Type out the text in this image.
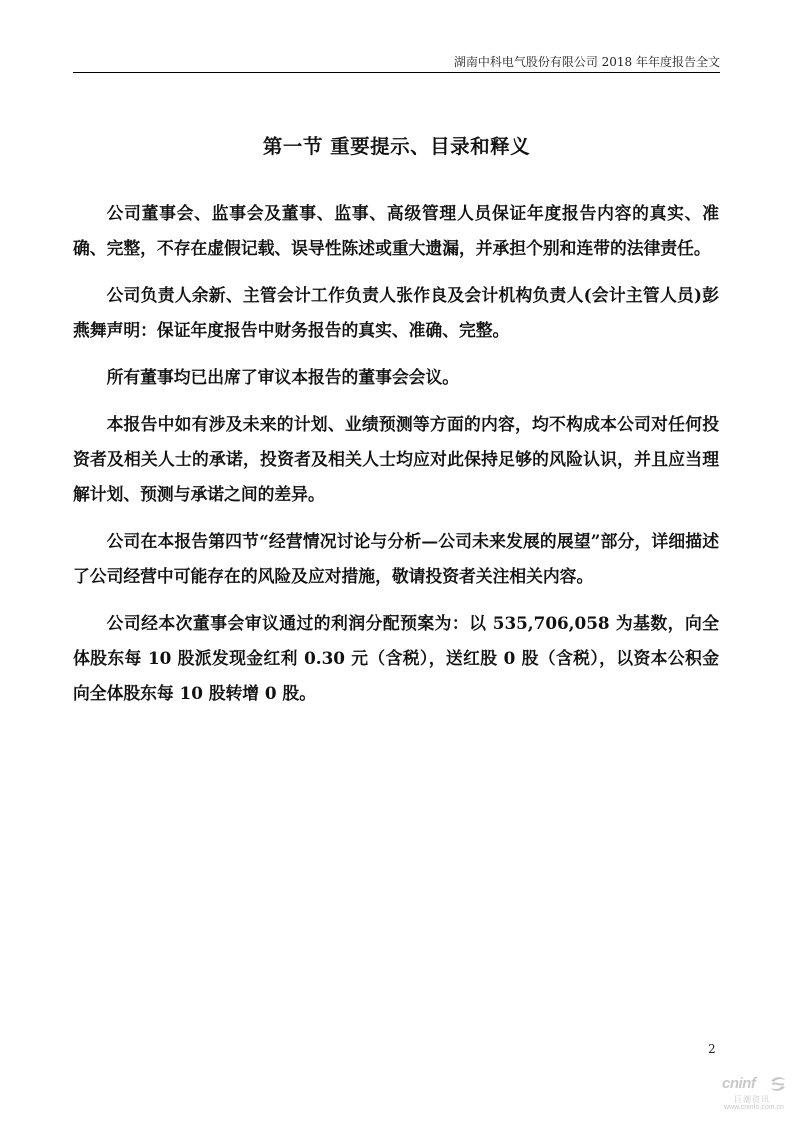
湖南中科电气股份有限公司 2018 年年度报告全文
第一节 重要提示、目录和释义

公司董事会、监事会及董事、监事、高级管理人员保证年度报告内容的真实、准确、完整，不存在虚假记载、误导性陈述或重大遗漏，并承担个别和连带的法律责任。

公司负责人余新、主管会计工作负责人张作良及会计机构负责人(会计主管人员)彭燕舞声明：保证年度报告中财务报告的真实、准确、完整。

所有董事均已出席了审议本报告的董事会会议。

本报告中如有涉及未来的计划、业绩预测等方面的内容，均不构成本公司对任何投资者及相关人士的承诺，投资者及相关人士均应对此保持足够的风险认识，并且应当理解计划、预测与承诺之间的差异。

公司在本报告第四节“经营情况讨论与分析—公司未来发展的展望”部分，详细描述了公司经营中可能存在的风险及应对措施，敬请投资者关注相关内容。

公司经本次董事会审议通过的利润分配预案为：以 535,706,058 为基数，向全体股东每 10 股派发现金红利 0.30 元（含税），送红股 0 股（含税），以资本公积金向全体股东每 10 股转增 0 股。

2
cninf
巨潮资讯
www.cninfo.com.cn
